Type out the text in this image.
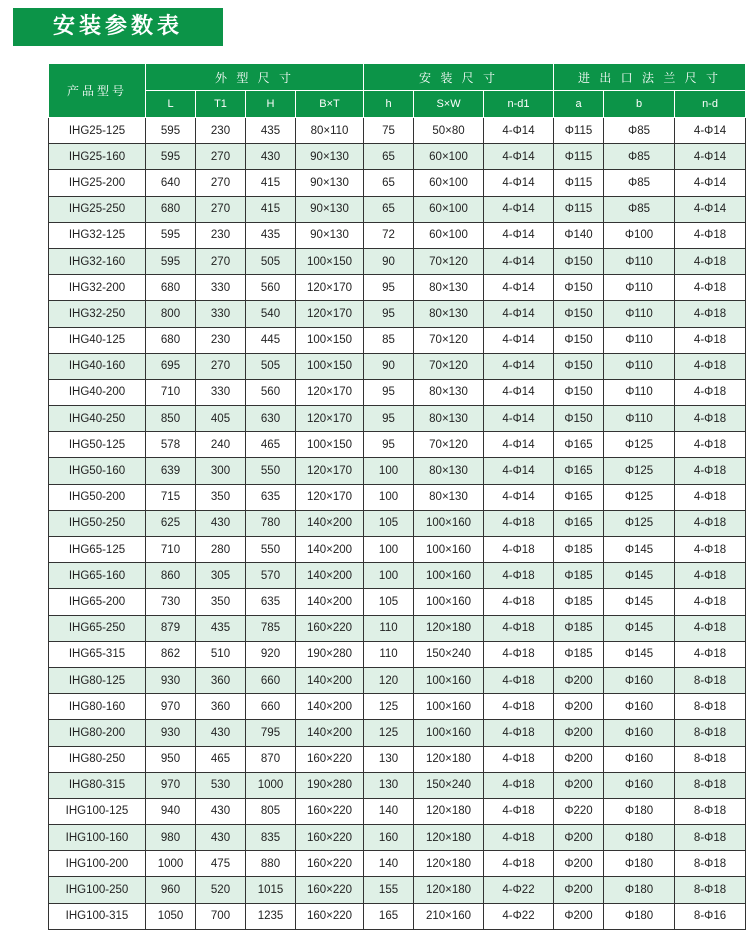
安装参数表
产品型号	外 型 尺 寸				安 装 尺 寸			进 出 口 法 兰 尺 寸		
	L	T1	H	B×T	h	S×W	n-d1	a	b	n-d
IHG25-125	595	230	435	80×110	75	50×80	4-Φ14	Φ115	Φ85	4-Φ14
IHG25-160	595	270	430	90×130	65	60×100	4-Φ14	Φ115	Φ85	4-Φ14
IHG25-200	640	270	415	90×130	65	60×100	4-Φ14	Φ115	Φ85	4-Φ14
IHG25-250	680	270	415	90×130	65	60×100	4-Φ14	Φ115	Φ85	4-Φ14
IHG32-125	595	230	435	90×130	72	60×100	4-Φ14	Φ140	Φ100	4-Φ18
IHG32-160	595	270	505	100×150	90	70×120	4-Φ14	Φ150	Φ110	4-Φ18
IHG32-200	680	330	560	120×170	95	80×130	4-Φ14	Φ150	Φ110	4-Φ18
IHG32-250	800	330	540	120×170	95	80×130	4-Φ14	Φ150	Φ110	4-Φ18
IHG40-125	680	230	445	100×150	85	70×120	4-Φ14	Φ150	Φ110	4-Φ18
IHG40-160	695	270	505	100×150	90	70×120	4-Φ14	Φ150	Φ110	4-Φ18
IHG40-200	710	330	560	120×170	95	80×130	4-Φ14	Φ150	Φ110	4-Φ18
IHG40-250	850	405	630	120×170	95	80×130	4-Φ14	Φ150	Φ110	4-Φ18
IHG50-125	578	240	465	100×150	95	70×120	4-Φ14	Φ165	Φ125	4-Φ18
IHG50-160	639	300	550	120×170	100	80×130	4-Φ14	Φ165	Φ125	4-Φ18
IHG50-200	715	350	635	120×170	100	80×130	4-Φ14	Φ165	Φ125	4-Φ18
IHG50-250	625	430	780	140×200	105	100×160	4-Φ18	Φ165	Φ125	4-Φ18
IHG65-125	710	280	550	140×200	100	100×160	4-Φ18	Φ185	Φ145	4-Φ18
IHG65-160	860	305	570	140×200	100	100×160	4-Φ18	Φ185	Φ145	4-Φ18
IHG65-200	730	350	635	140×200	105	100×160	4-Φ18	Φ185	Φ145	4-Φ18
IHG65-250	879	435	785	160×220	110	120×180	4-Φ18	Φ185	Φ145	4-Φ18
IHG65-315	862	510	920	190×280	110	150×240	4-Φ18	Φ185	Φ145	4-Φ18
IHG80-125	930	360	660	140×200	120	100×160	4-Φ18	Φ200	Φ160	8-Φ18
IHG80-160	970	360	660	140×200	125	100×160	4-Φ18	Φ200	Φ160	8-Φ18
IHG80-200	930	430	795	140×200	125	100×160	4-Φ18	Φ200	Φ160	8-Φ18
IHG80-250	950	465	870	160×220	130	120×180	4-Φ18	Φ200	Φ160	8-Φ18
IHG80-315	970	530	1000	190×280	130	150×240	4-Φ18	Φ200	Φ160	8-Φ18
IHG100-125	940	430	805	160×220	140	120×180	4-Φ18	Φ220	Φ180	8-Φ18
IHG100-160	980	430	835	160×220	160	120×180	4-Φ18	Φ200	Φ180	8-Φ18
IHG100-200	1000	475	880	160×220	140	120×180	4-Φ18	Φ200	Φ180	8-Φ18
IHG100-250	960	520	1015	160×220	155	120×180	4-Φ22	Φ200	Φ180	8-Φ18
IHG100-315	1050	700	1235	160×220	165	210×160	4-Φ22	Φ200	Φ180	8-Φ16
